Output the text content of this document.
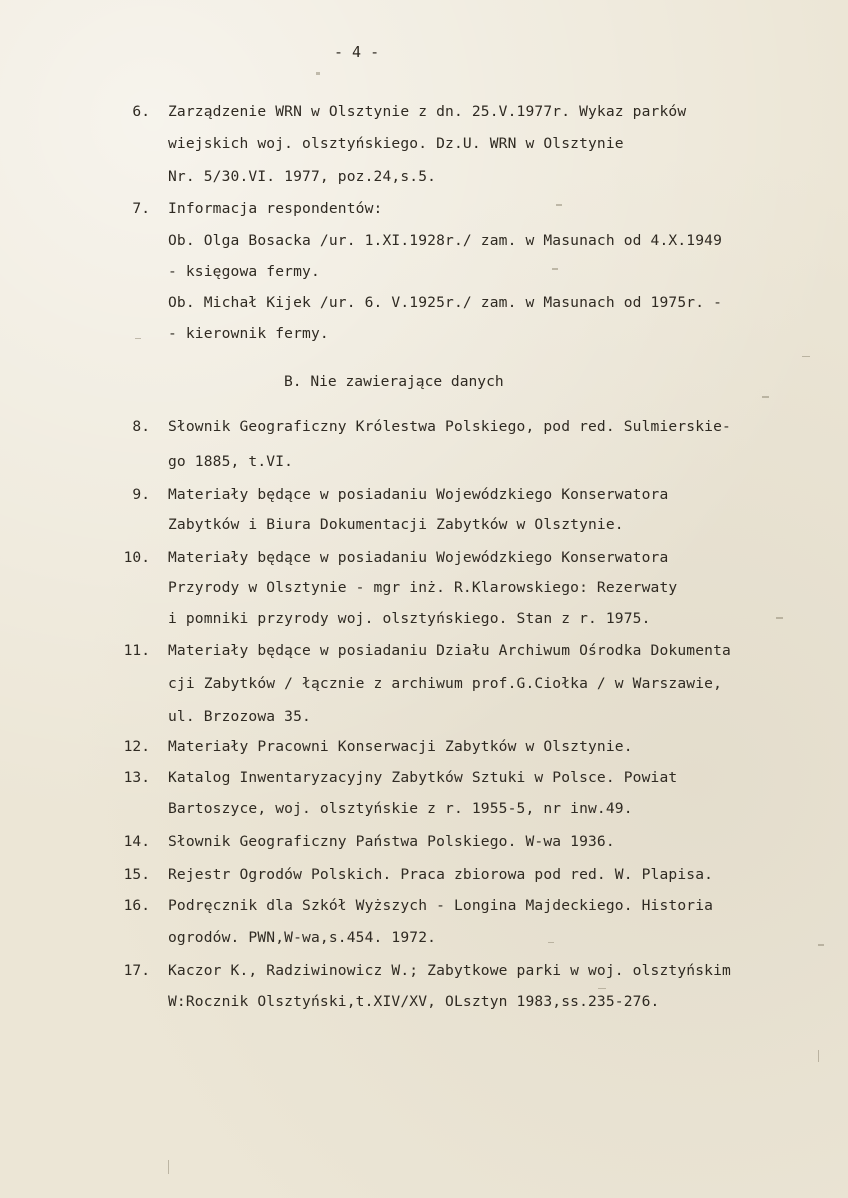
- 4 -
6. Zarządzenie WRN w Olsztynie z dn. 25.V.1977r. Wykaz parków
wiejskich woj. olsztyńskiego. Dz.U. WRN w Olsztynie
Nr. 5/30.VI. 1977, poz.24,s.5.
7. Informacja respondentów:
Ob. Olga Bosacka /ur. 1.XI.1928r./ zam. w Masunach od 4.X.1949
- księgowa fermy.
Ob. Michał Kijek /ur. 6. V.1925r./ zam. w Masunach od 1975r. -
- kierownik fermy.
B. Nie zawierające danych
8. Słownik Geograficzny Królestwa Polskiego, pod red. Sulmierskie-
go 1885, t.VI.
9. Materiały będące w posiadaniu Wojewódzkiego Konserwatora
Zabytków i Biura Dokumentacji Zabytków w Olsztynie.
10. Materiały będące w posiadaniu Wojewódzkiego Konserwatora
Przyrody w Olsztynie - mgr inż. R.Klarowskiego: Rezerwaty
i pomniki przyrody woj. olsztyńskiego. Stan z r. 1975.
11. Materiały będące w posiadaniu Działu Archiwum Ośrodka Dokumenta
cji Zabytków / łącznie z archiwum prof.G.Ciołka / w Warszawie,
ul. Brzozowa 35.
12. Materiały Pracowni Konserwacji Zabytków w Olsztynie.
13. Katalog Inwentaryzacyjny Zabytków Sztuki w Polsce. Powiat
Bartoszyce, woj. olsztyńskie z r. 1955-5, nr inw.49.
14. Słownik Geograficzny Państwa Polskiego. W-wa 1936.
15. Rejestr Ogrodów Polskich. Praca zbiorowa pod red. W. Plapisa.
16. Podręcznik dla Szkół Wyższych - Longina Majdeckiego. Historia
ogrodów. PWN,W-wa,s.454. 1972.
17. Kaczor K., Radziwinowicz W.; Zabytkowe parki w woj. olsztyńskim
W:Rocznik Olsztyński,t.XIV/XV, OLsztyn 1983,ss.235-276.
